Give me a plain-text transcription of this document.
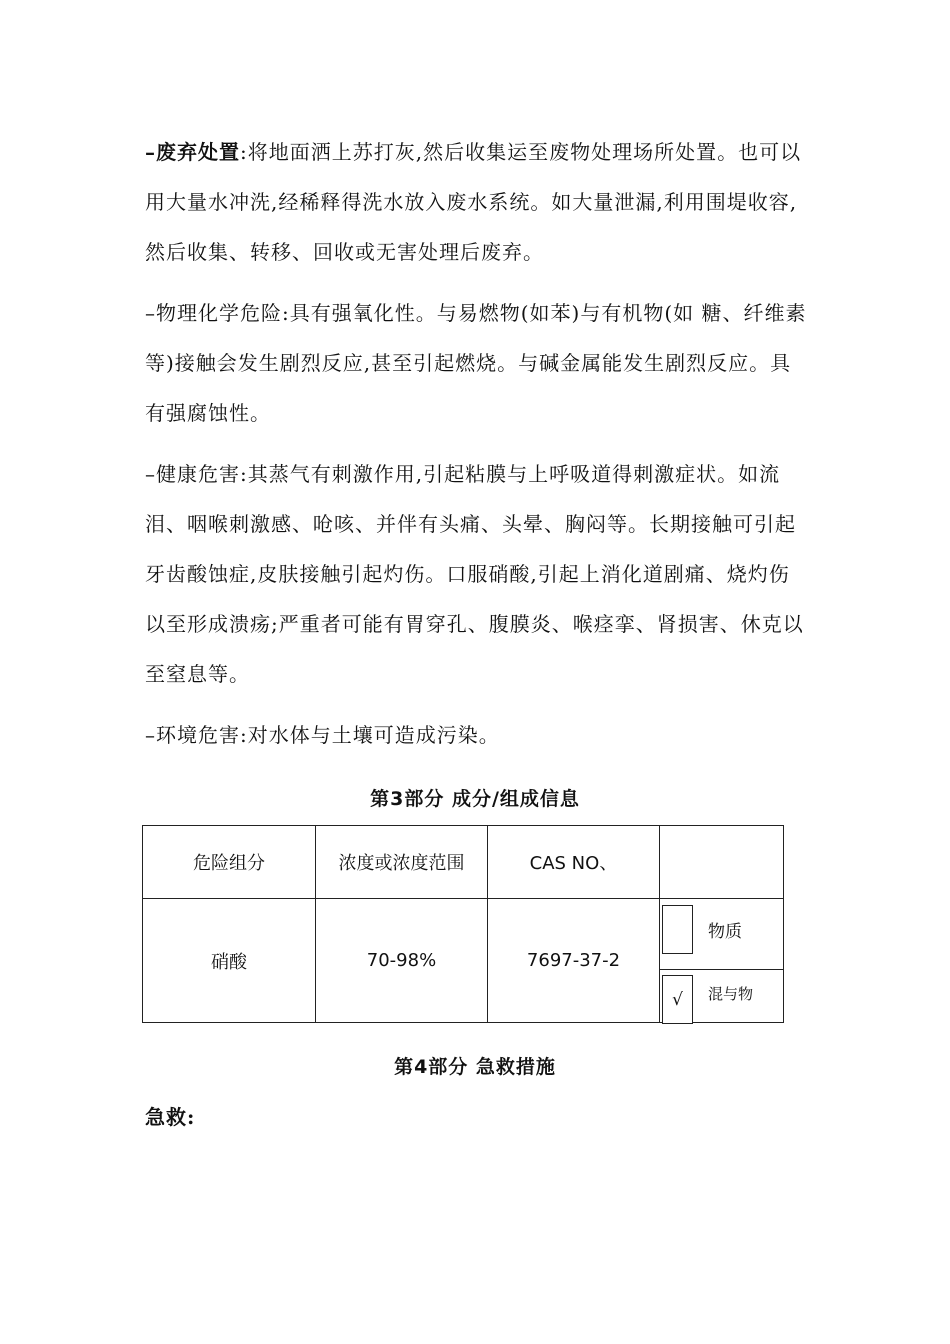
–废弃处置:将地面洒上苏打灰,然后收集运至废物处理场所处置。也可以用大量水冲洗,经稀释得洗水放入废水系统。如大量泄漏,利用围堤收容,然后收集、转移、回收或无害处理后废弃。

–物理化学危险:具有强氧化性。与易燃物(如苯)与有机物(如 糖、纤维素等)接触会发生剧烈反应,甚至引起燃烧。与碱金属能发生剧烈反应。具有强腐蚀性。

–健康危害:其蒸气有刺激作用,引起粘膜与上呼吸道得刺激症状。如流泪、咽喉刺激感、呛咳、并伴有头痛、头晕、胸闷等。长期接触可引起牙齿酸蚀症,皮肤接触引起灼伤。口服硝酸,引起上消化道剧痛、烧灼伤以至形成溃疡;严重者可能有胃穿孔、腹膜炎、喉痉挛、肾损害、休克以至窒息等。

–环境危害:对水体与土壤可造成污染。

第3部分 成分/组成信息
危险组分	浓度或浓度范围	CAS NO、	
硝酸	70-98%	7697-37-2	物质
√ 混与物
第4部分 急救措施
急救:
